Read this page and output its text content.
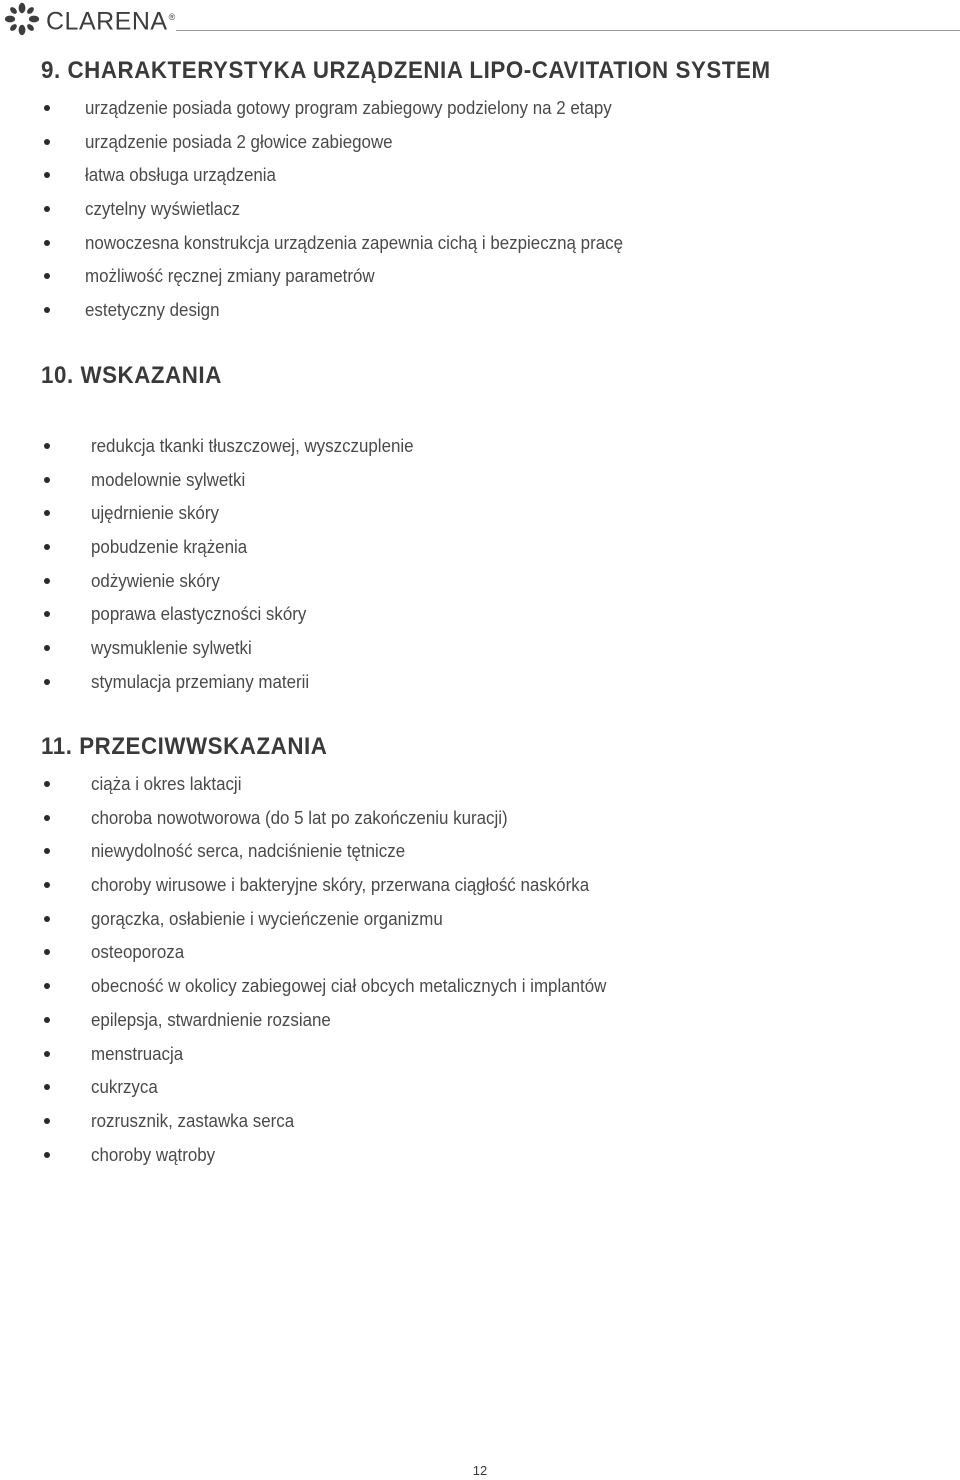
CLARENA®
9. CHARAKTERYSTYKA URZĄDZENIA LIPO-CAVITATION SYSTEM
urządzenie posiada gotowy program zabiegowy podzielony na 2 etapy
urządzenie posiada 2 głowice zabiegowe
łatwa obsługa urządzenia
czytelny wyświetlacz
nowoczesna konstrukcja urządzenia zapewnia cichą i bezpieczną pracę
możliwość ręcznej zmiany parametrów
estetyczny design
10. WSKAZANIA
redukcja tkanki tłuszczowej, wyszczuplenie
modelownie sylwetki
ujędrnienie skóry
pobudzenie krążenia
odżywienie skóry
poprawa elastyczności skóry
wysmuklenie sylwetki
stymulacja przemiany materii
11. PRZECIWWSKAZANIA
ciąża i okres laktacji
choroba nowotworowa (do 5 lat po zakończeniu kuracji)
niewydolność serca, nadciśnienie tętnicze
choroby wirusowe i bakteryjne skóry, przerwana ciągłość naskórka
gorączka, osłabienie i wycieńczenie organizmu
osteoporoza
obecność w okolicy zabiegowej ciał obcych metalicznych i implantów
epilepsja, stwardnienie rozsiane
menstruacja
cukrzyca
rozrusznik, zastawka serca
choroby wątroby
12
